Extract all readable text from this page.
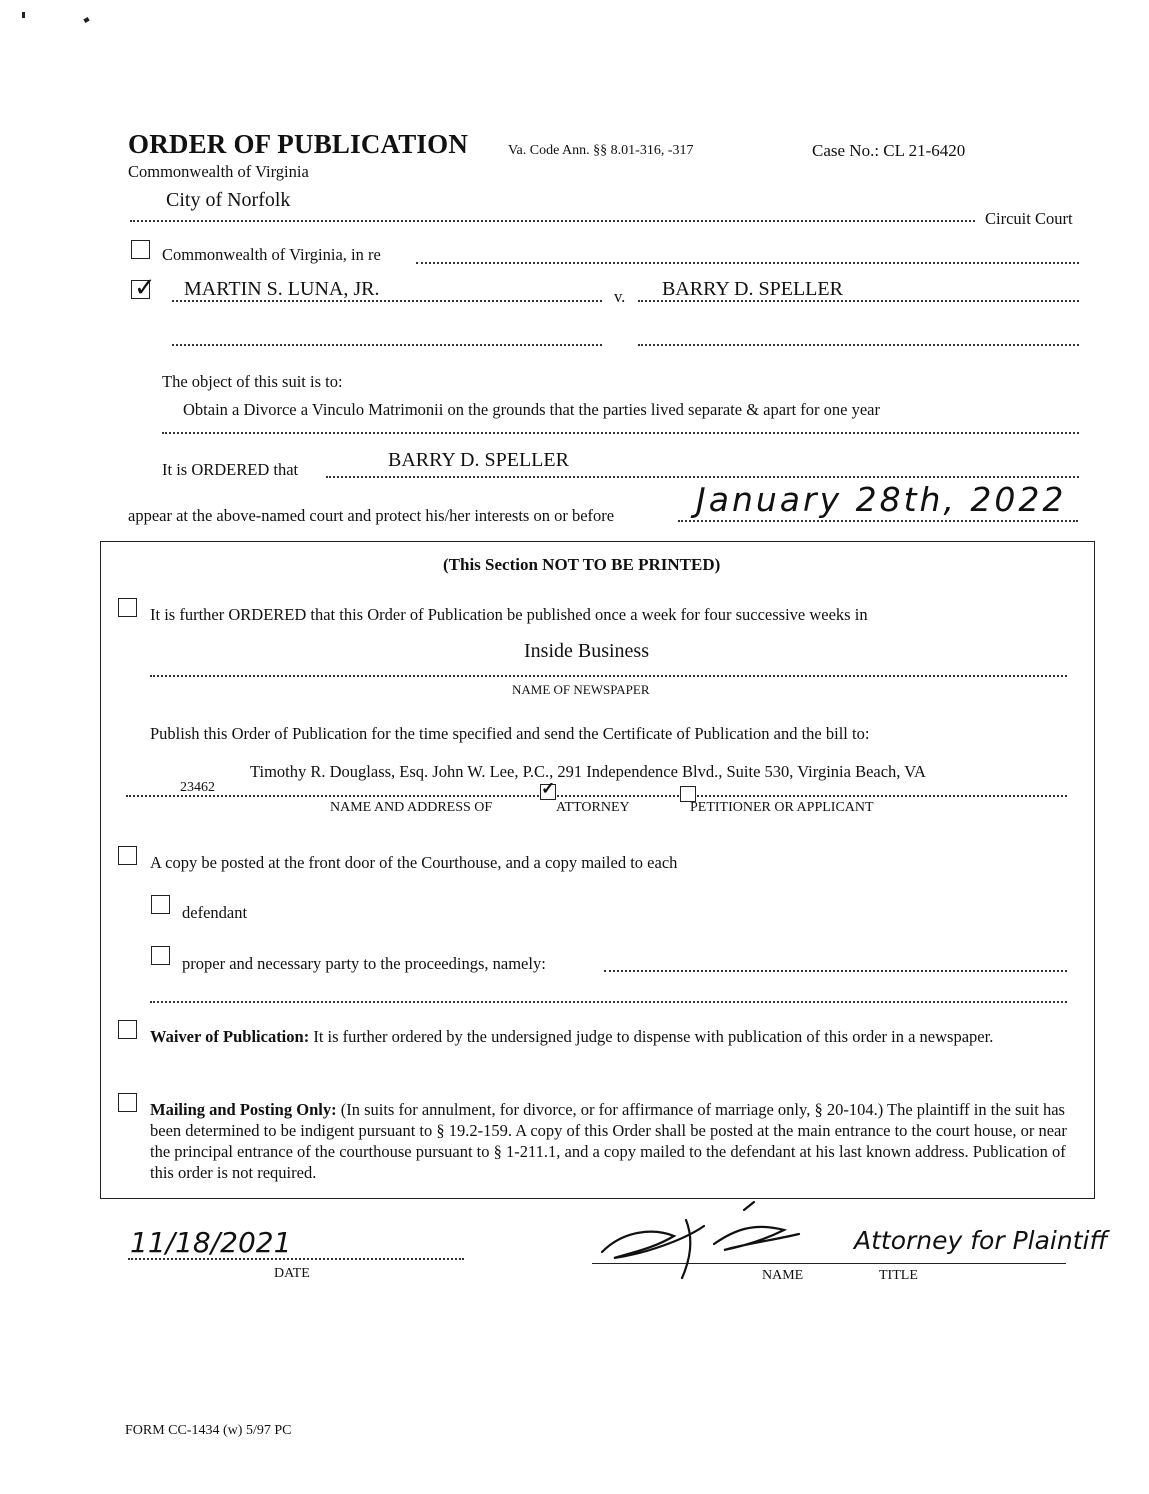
ORDER OF PUBLICATION	Va. Code Ann. §§ 8.01-316, -317	Case No.: CL 21-6420
Commonwealth of Virginia
City of Norfolk
Circuit Court
Commonwealth of Virginia, in re
✓ MARTIN S. LUNA, JR.	v. BARRY D. SPELLER
The object of this suit is to:
Obtain a Divorce a Vinculo Matrimonii on the grounds that the parties lived separate & apart for one year
It is ORDERED that	BARRY D. SPELLER
appear at the above-named court and protect his/her interests on or before January 28th, 2022
(This Section NOT TO BE PRINTED)
It is further ORDERED that this Order of Publication be published once a week for four successive weeks in
Inside Business
NAME OF NEWSPAPER
Publish this Order of Publication for the time specified and send the Certificate of Publication and the bill to:
Timothy R. Douglass, Esq. John W. Lee, P.C., 291 Independence Blvd., Suite 530, Virginia Beach, VA
23462
NAME AND ADDRESS OF
✓
ATTORNEY	PETITIONER OR APPLICANT
A copy be posted at the front door of the Courthouse, and a copy mailed to each
defendant
proper and necessary party to the proceedings, namely:
Waiver of Publication: It is further ordered by the undersigned judge to dispense with publication of this order in a newspaper.
Mailing and Posting Only: (In suits for annulment, for divorce, or for affirmance of marriage only, § 20-104.) The plaintiff in the suit has been determined to be indigent pursuant to § 19.2-159. A copy of this Order shall be posted at the main entrance to the court house, or near the principal entrance of the courthouse pursuant to § 1-211.1, and a copy mailed to the defendant at his last known address. Publication of this order is not required.
11/18/2021
DATE	NAME
Attorney for Plaintiff
TITLE
FORM CC-1434 (w) 5/97 PC
